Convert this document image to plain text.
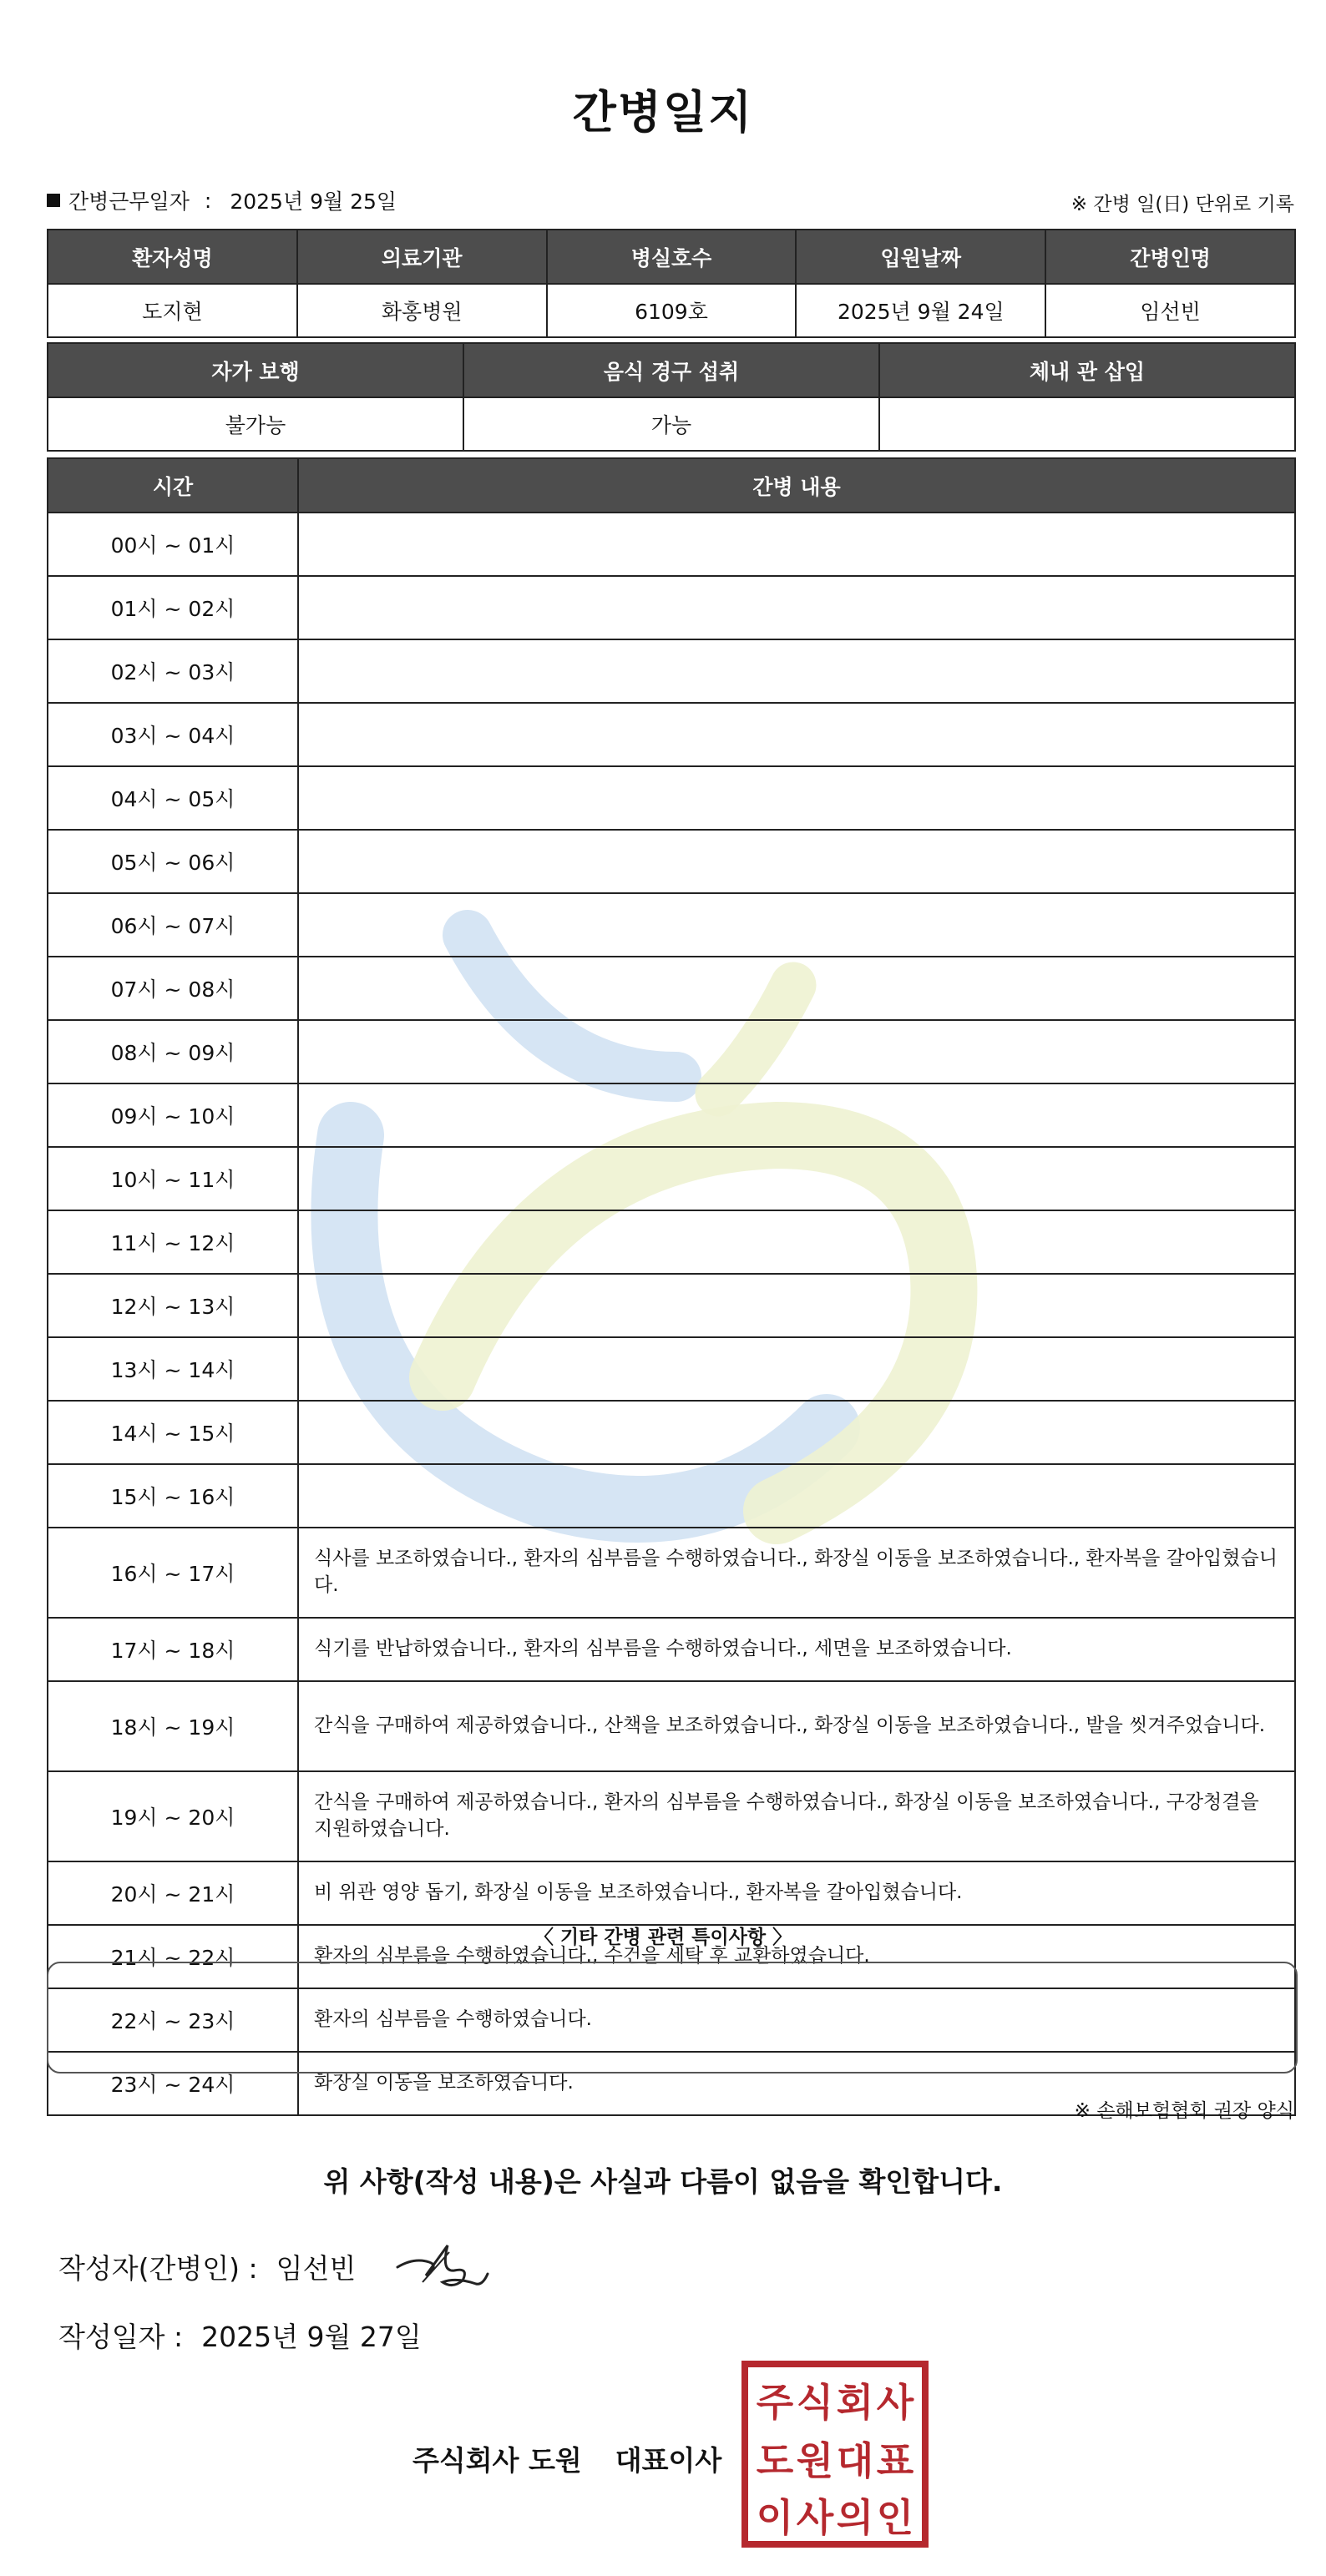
간병일지
간병근무일자 : 2025년 9월 25일	※ 간병 일(日) 단위로 기록
환자성명	의료기관	병실호수	입원날짜	간병인명
도지현	화홍병원	6109호	2025년 9월 24일	임선빈
자가 보행	음식 경구 섭취	체내 관 삽입
불가능	가능	
시간	간병 내용
00시 ~ 01시	
01시 ~ 02시	
02시 ~ 03시	
03시 ~ 04시	
04시 ~ 05시	
05시 ~ 06시	
06시 ~ 07시	
07시 ~ 08시	
08시 ~ 09시	
09시 ~ 10시	
10시 ~ 11시	
11시 ~ 12시	
12시 ~ 13시	
13시 ~ 14시	
14시 ~ 15시	
15시 ~ 16시	
16시 ~ 17시	식사를 보조하였습니다., 환자의 심부름을 수행하였습니다., 화장실 이동을 보조하였습니다., 환자복을 갈아입혔습니다.
17시 ~ 18시	식기를 반납하였습니다., 환자의 심부름을 수행하였습니다., 세면을 보조하였습니다.
18시 ~ 19시	간식을 구매하여 제공하였습니다., 산책을 보조하였습니다., 화장실 이동을 보조하였습니다., 발을 씻겨주었습니다.
19시 ~ 20시	간식을 구매하여 제공하였습니다., 환자의 심부름을 수행하였습니다., 화장실 이동을 보조하였습니다., 구강청결을 지원하였습니다.
20시 ~ 21시	비 위관 영양 돕기, 화장실 이동을 보조하였습니다., 환자복을 갈아입혔습니다.
21시 ~ 22시	환자의 심부름을 수행하였습니다., 수건을 세탁 후 교환하였습니다.
22시 ~ 23시	환자의 심부름을 수행하였습니다.
23시 ~ 24시	화장실 이동을 보조하였습니다.
〈 기타 간병 관련 특이사항 〉
※ 손해보험협회 권장 양식
위 사항(작성 내용)은 사실과 다름이 없음을 확인합니다.
작성자(간병인) : 임선빈
작성일자 : 2025년 9월 27일
주식회사 도원 대표이사
주 식 회 사
도 원 대 표
이 사 의 인
